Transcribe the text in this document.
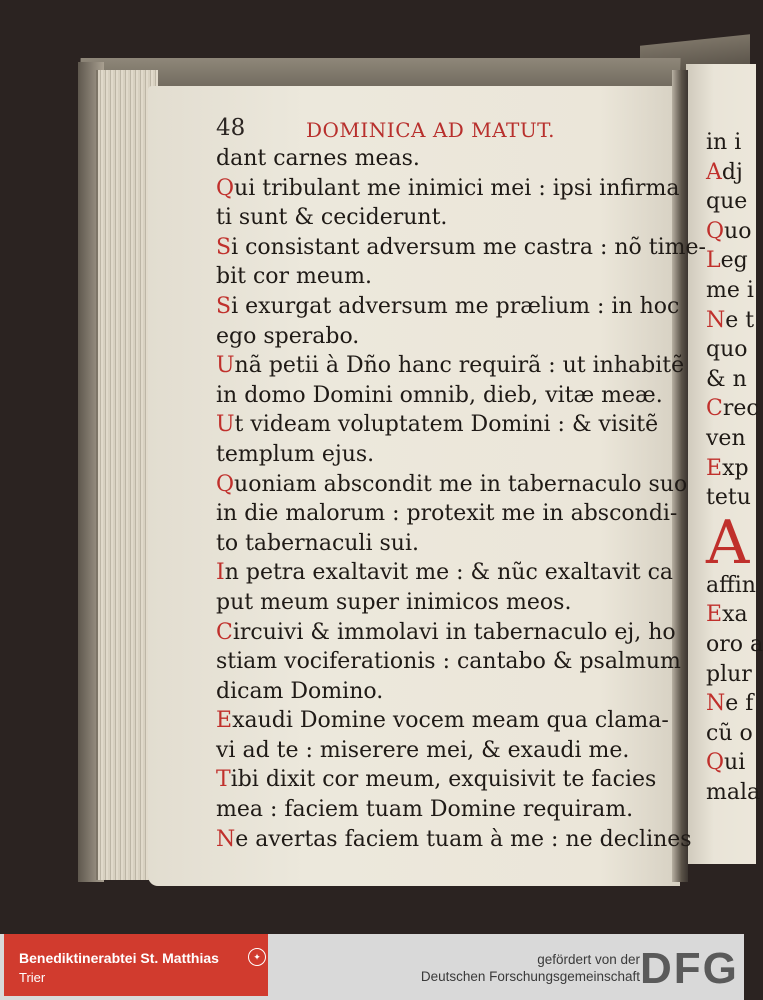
48	DOMINICA AD MATUT.
dant carnes meas.
Qui tribulant me inimici mei : ipsi infirma
ti sunt & ceciderunt.
Si consistant adversum me castra : nõ time-
bit cor meum.
Si exurgat adversum me prælium : in hoc
ego sperabo.
Unã petii à Dño hanc requirã : ut inhabitẽ
in domo Domini omnib, dieb, vitæ meæ.
Ut videam voluptatem Domini : & visitẽ
templum ejus.
Quoniam abscondit me in tabernaculo suo
in die malorum : protexit me in abscondi-
to tabernaculi sui.
In petra exaltavit me : & nũc exaltavit ca
put meum super inimicos meos.
Circuivi & immolavi in tabernaculo ej, ho
stiam vociferationis : cantabo & psalmum
dicam Domino.
Exaudi Domine vocem meam qua clama-
vi ad te : miserere mei, & exaudi me.
Tibi dixit cor meum, exquisivit te facies
mea : faciem tuam Domine requiram.
Ne avertas faciem tuam à me : ne declines
in i
Adj
que
Quo
Leg
me i
Ne t
quo
& n
Crec
ven
Exp
tetu
A
affin
Exa
oro a
plur
Ne f
cũ o
Qui
mala
Benediktinerabtei St. Matthias
Trier
✦	gefördert von der
Deutschen Forschungsgemeinschaft DFG
